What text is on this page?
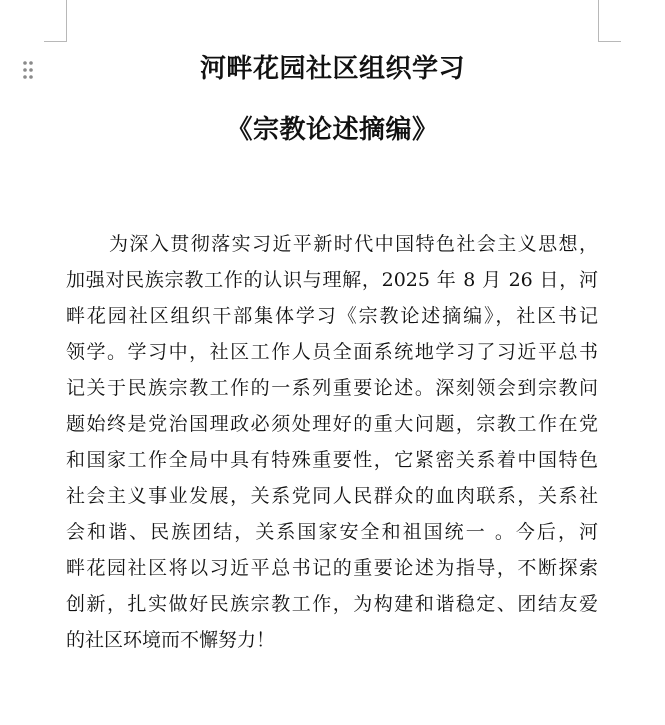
河畔花园社区组织学习
《宗教论述摘编》
为深入贯彻落实习近平新时代中国特色社会主义思想，
加强对民族宗教工作的认识与理解，2025 年 8 月 26 日，河
畔花园社区组织干部集体学习《宗教论述摘编》，社区书记
领学。学习中，社区工作人员全面系统地学习了习近平总书
记关于民族宗教工作的一系列重要论述。深刻领会到宗教问
题始终是党治国理政必须处理好的重大问题，宗教工作在党
和国家工作全局中具有特殊重要性，它紧密关系着中国特色
社会主义事业发展，关系党同人民群众的血肉联系，关系社
会和谐、民族团结，关系国家安全和祖国统一 。今后，河
畔花园社区将以习近平总书记的重要论述为指导，不断探索
创新，扎实做好民族宗教工作，为构建和谐稳定、团结友爱
的社区环境而不懈努力！
